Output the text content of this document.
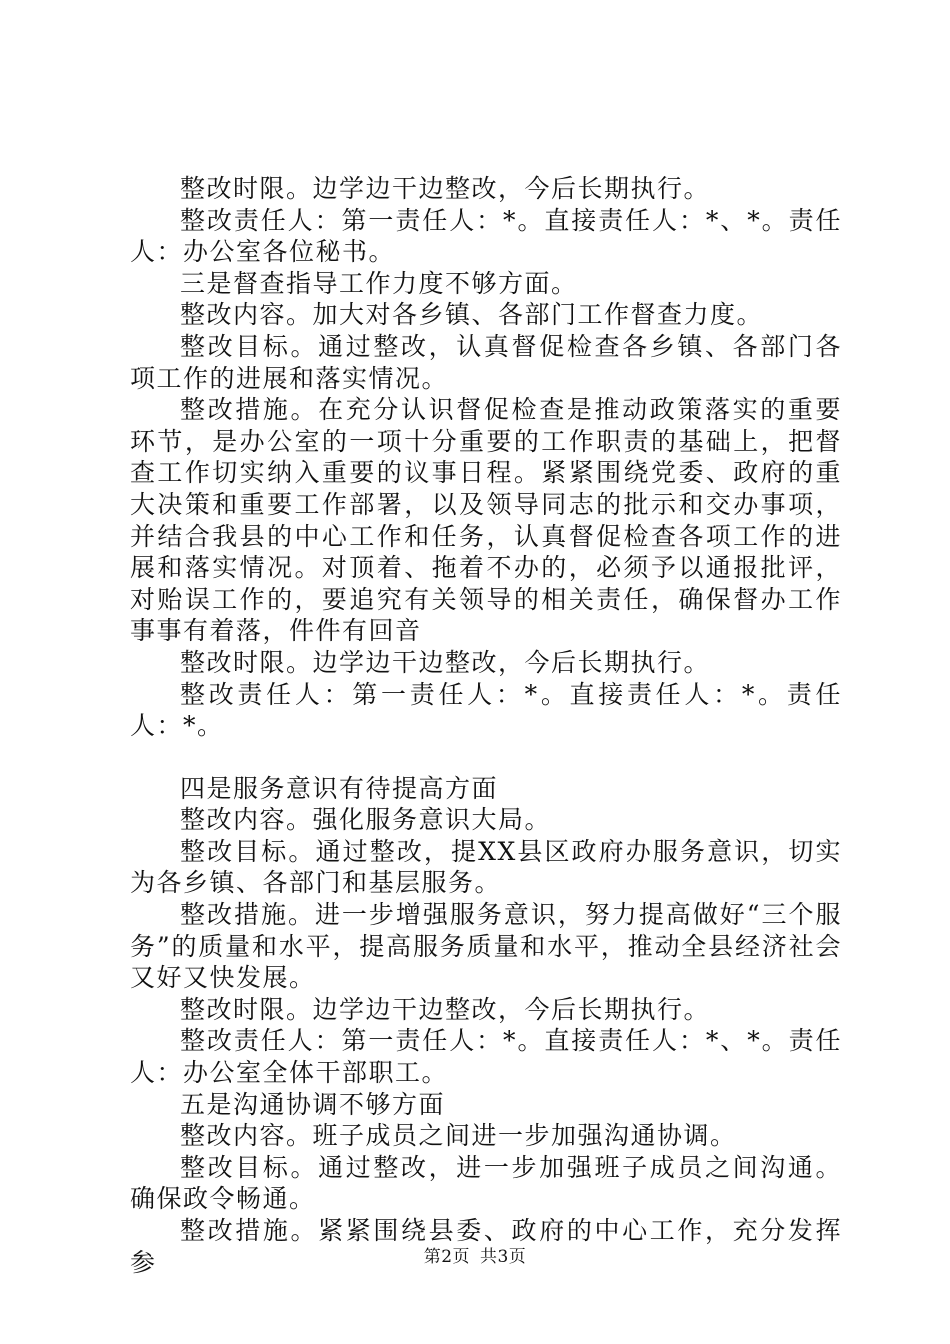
整改时限。边学边干边整改，今后长期执行。

整改责任人：第一责任人：*。直接责任人：*、*。责任人：办公室各位秘书。

三是督查指导工作力度不够方面。

整改内容。加大对各乡镇、各部门工作督查力度。

整改目标。通过整改，认真督促检查各乡镇、各部门各项工作的进展和落实情况。

整改措施。在充分认识督促检查是推动政策落实的重要环节，是办公室的一项十分重要的工作职责的基础上，把督查工作切实纳入重要的议事日程。紧紧围绕党委、政府的重大决策和重要工作部署，以及领导同志的批示和交办事项，并结合我县的中心工作和任务，认真督促检查各项工作的进展和落实情况。对顶着、拖着不办的，必须予以通报批评，对贻误工作的，要追究有关领导的相关责任，确保督办工作事事有着落，件件有回音

整改时限。边学边干边整改，今后长期执行。

整改责任人：第一责任人：*。直接责任人：*。责任人：*。

四是服务意识有待提高方面

整改内容。强化服务意识大局。

整改目标。通过整改，提XX县区政府办服务意识，切实为各乡镇、各部门和基层服务。

整改措施。进一步增强服务意识，努力提高做好“三个服务”的质量和水平，提高服务质量和水平，推动全县经济社会又好又快发展。

整改时限。边学边干边整改，今后长期执行。

整改责任人：第一责任人：*。直接责任人：*、*。责任人：办公室全体干部职工。

五是沟通协调不够方面

整改内容。班子成员之间进一步加强沟通协调。

整改目标。通过整改，进一步加强班子成员之间沟通。确保政令畅通。

整改措施。紧紧围绕县委、政府的中心工作，充分发挥参	第2页 共3页
